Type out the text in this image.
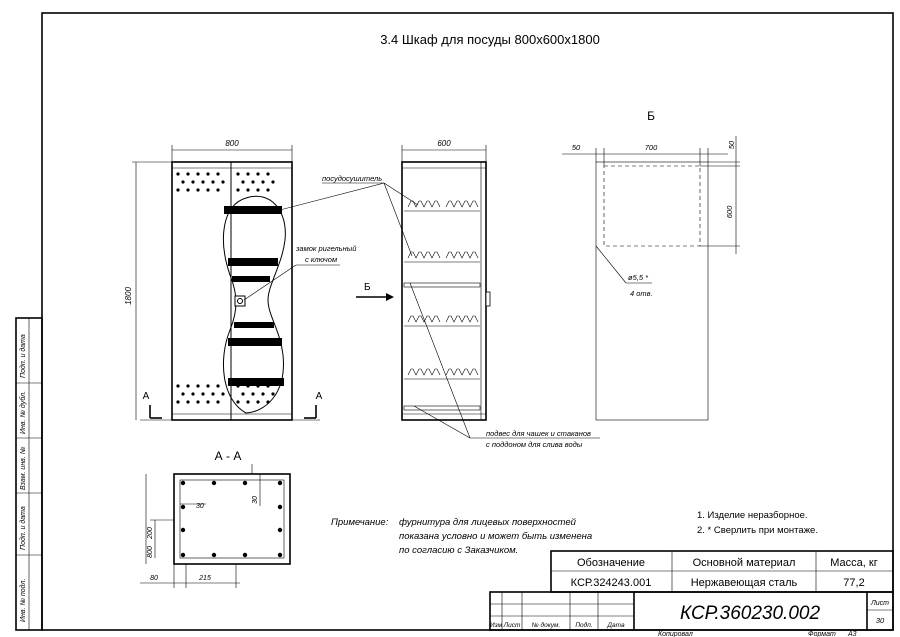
Подп. и дата
Инв. № дубл.
Взам. инв. №
Подп. и дата
Инв. № подл.
3.4 Шкаф для посуды 800x600x1800
800
1800
А	А
600
Б
посудосушитель
замок ригельный
с ключом
подвес для чашек и стаканов
с поддоном для слива воды
Б
50	700	50
600
ø5,5 *
4 отв.
А - А
30
30
200
800
80	215
Примечание: фурнитура для лицевых поверхностей
показана условно и может быть изменена
по согласию с Заказчиком.
1. Изделие неразборное.
2. * Сверлить при монтаже.
Обозначение	Основной материал	Масса, кг
КСР.324243.001	Нержавеющая сталь	77,2
Изм Лист № докум. Подп. Дата
КСР.360230.002	Лист
30
Копировал	Формат А3
